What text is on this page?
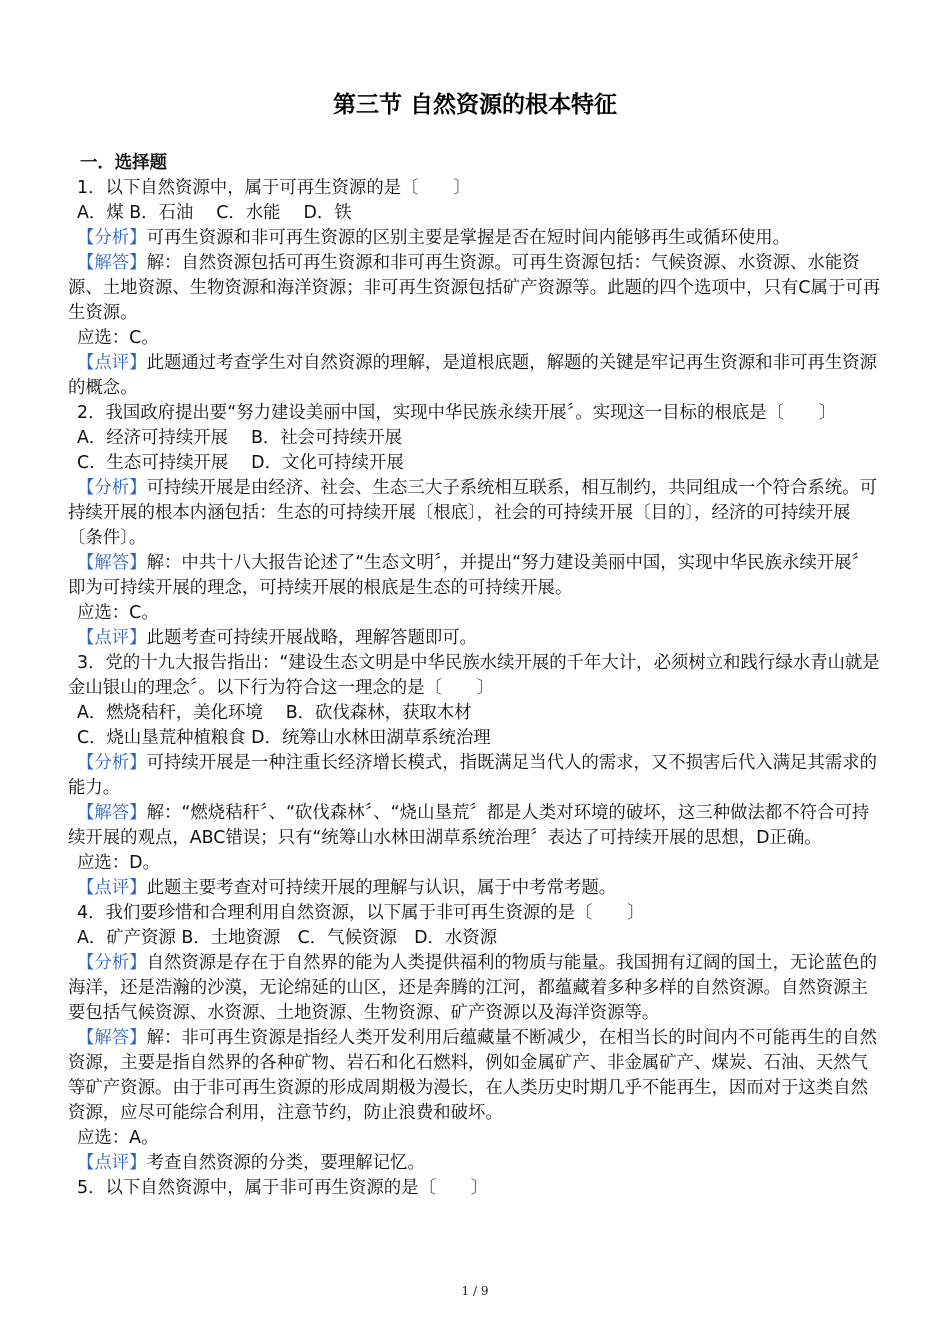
第三节 自然资源的根本特征
一．选择题
1．以下自然资源中，属于可再生资源的是〔　　〕
A．煤 B．石油　 C．水能　 D．铁
【分析】可再生资源和非可再生资源的区别主要是掌握是否在短时间内能够再生或循环使用。
【解答】解：自然资源包括可再生资源和非可再生资源。可再生资源包括：气候资源、水资源、水能资源、土地资源、生物资源和海洋资源；非可再生资源包括矿产资源等。此题的四个选项中，只有C属于可再生资源。
应选：C。
【点评】此题通过考查学生对自然资源的理解，是道根底题，解题的关键是牢记再生资源和非可再生资源的概念。
2．我国政府提出要“努力建设美丽中国，实现中华民族永续开展〞。实现这一目标的根底是〔　　〕
A．经济可持续开展　 B．社会可持续开展
C．生态可持续开展　 D．文化可持续开展
【分析】可持续开展是由经济、社会、生态三大子系统相互联系，相互制约，共同组成一个符合系统。可持续开展的根本内涵包括：生态的可持续开展〔根底〕，社会的可持续开展〔目的〕，经济的可持续开展〔条件〕。
【解答】解：中共十八大报告论述了“生态文明〞，并提出“努力建设美丽中国，实现中华民族永续开展〞即为可持续开展的理念，可持续开展的根底是生态的可持续开展。
应选：C。
【点评】此题考查可持续开展战略，理解答题即可。
3．党的十九大报告指出：“建设生态文明是中华民族水续开展的千年大计，必须树立和践行绿水青山就是金山银山的理念〞。以下行为符合这一理念的是〔　　〕
A．燃烧秸秆，美化环境　 B．砍伐森林，获取木材
C．烧山垦荒种植粮食 D．统筹山水林田湖草系统治理
【分析】可持续开展是一种注重长经济增长模式，指既满足当代人的需求，又不损害后代入满足其需求的能力。
【解答】解：“燃烧秸秆〞、“砍伐森林〞、“烧山垦荒〞都是人类对环境的破坏，这三种做法都不符合可持续开展的观点，ABC错误；只有“统筹山水林田湖草系统治理〞表达了可持续开展的思想，D正确。
应选：D。
【点评】此题主要考查对可持续开展的理解与认识，属于中考常考题。
4．我们要珍惜和合理利用自然资源，以下属于非可再生资源的是〔　　〕
A．矿产资源 B．土地资源　C．气候资源　D．水资源
【分析】自然资源是存在于自然界的能为人类提供福利的物质与能量。我国拥有辽阔的国土，无论蓝色的海洋，还是浩瀚的沙漠，无论绵延的山区，还是奔腾的江河，都蕴藏着多种多样的自然资源。自然资源主要包括气候资源、水资源、土地资源、生物资源、矿产资源以及海洋资源等。
【解答】解：非可再生资源是指经人类开发利用后蕴藏量不断减少，在相当长的时间内不可能再生的自然资源，主要是指自然界的各种矿物、岩石和化石燃料，例如金属矿产、非金属矿产、煤炭、石油、天然气等矿产资源。由于非可再生资源的形成周期极为漫长，在人类历史时期几乎不能再生，因而对于这类自然资源，应尽可能综合利用，注意节约，防止浪费和破坏。
应选：A。
【点评】考查自然资源的分类，要理解记忆。
5．以下自然资源中，属于非可再生资源的是〔　　〕
1 / 9
